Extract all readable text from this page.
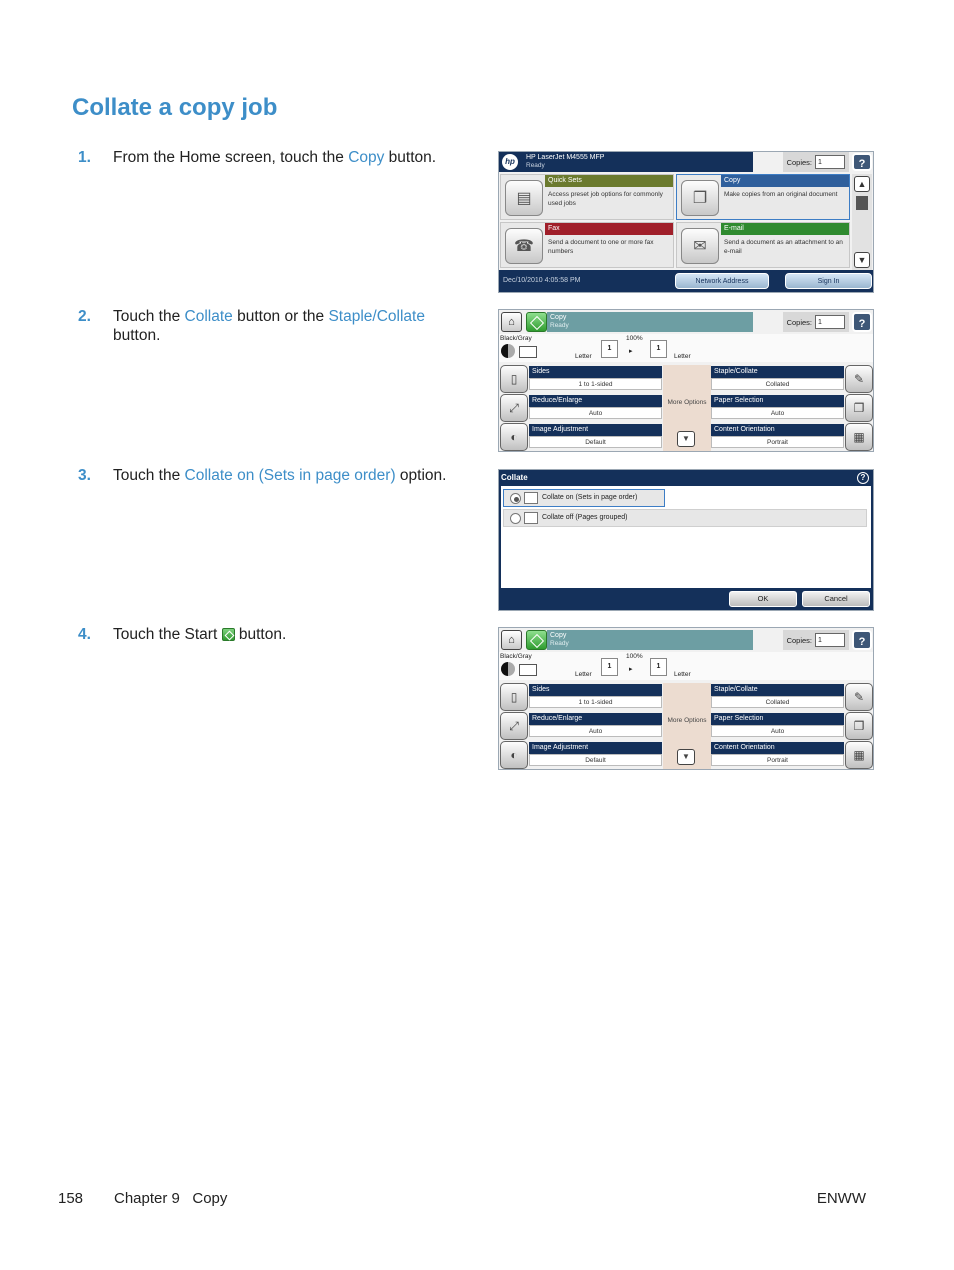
Collate a copy job
1.	From the Home screen, touch the Copy button.
2.	Touch the Collate button or the Staple/Collate button.
3.	Touch the Collate on (Sets in page order) option.
4.	Touch the Start  button.
hp	HP LaserJet M4555 MFP
Ready	Copies: 1	?
▤
Quick Sets
Access preset job options for commonly used jobs	❐
Copy
Make copies from an original document
☎
Fax
Send a document to one or more fax numbers	✉
E-mail
Send a document as an attachment to an e-mail
▲
▼
Dec/10/2010 4:05:58 PM	Network Address	Sign In
⌂	Copy
Ready	Copies: 1	?
Black/Gray	100%
1	▸	1
Letter	Letter
▯
Sides
1 to 1-sided
⤢
Reduce/Enlarge
Auto
◐
Image Adjustment
Default
More Options
▼
Staple/Collate
Collated	✎
Paper Selection
Auto	❐
Content Orientation
Portrait	▦
Collate	?
Collate on (Sets in page order)
Collate off (Pages grouped)
OK	Cancel
⌂	Copy
Ready	Copies: 1	?
Black/Gray	100%
1	▸	1
Letter	Letter
▯
Sides
1 to 1-sided
⤢
Reduce/Enlarge
Auto
◐
Image Adjustment
Default
More Options
▼
Staple/Collate
Collated	✎
Paper Selection
Auto	❐
Content Orientation
Portrait	▦
158 Chapter 9   Copy	ENWW
